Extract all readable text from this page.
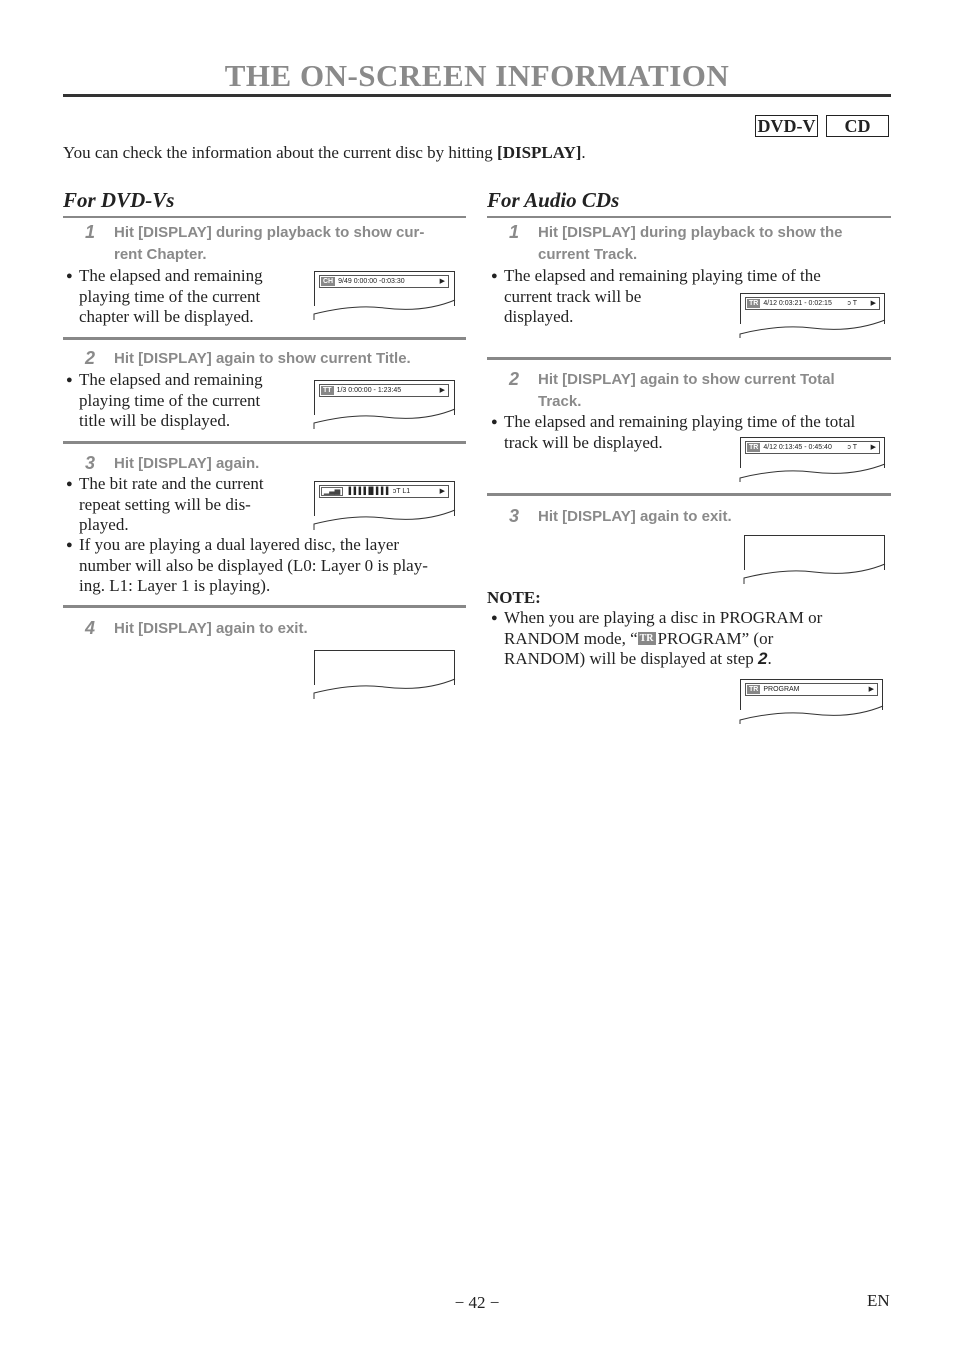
THE ON-SCREEN INFORMATION
DVD-V	CD
You can check the information about the current disc by hitting [DISPLAY].
For DVD-Vs
1 Hit [DISPLAY] during playback to show cur-
rent Chapter.
● The elapsed and remaining
playing time of the current
chapter will be displayed.
CH 9/49 0:00:00 -0:03:30	▶
2 Hit [DISPLAY] again to show current Title.
● The elapsed and remaining
playing time of the current
title will be displayed.
TT 1/3 0:00:00 - 1:23:45	▶
3 Hit [DISPLAY] again.
● The bit rate and the current
repeat setting will be dis-
played.
▁▃▅ ▐▐▐▐▐▌▌▌▌ ɔT L1	▶
● If you are playing a dual layered disc, the layer
number will also be displayed (L0: Layer 0 is play-
ing. L1: Layer 1 is playing).
4 Hit [DISPLAY] again to exit.
For Audio CDs
1 Hit [DISPLAY] during playback to show the
current Track.
● The elapsed and remaining playing time of the
current track will be
displayed.
TR 4/12 0:03:21 - 0:02:15 ɔ T ▶
2 Hit [DISPLAY] again to show current Total
Track.
● The elapsed and remaining playing time of the total
track will be displayed.	TR 4/12 0:13:45 - 0:45:40 ɔ T ▶
3 Hit [DISPLAY] again to exit.
NOTE:
● When you are playing a disc in PROGRAM or
RANDOM mode, “ TR PROGRAM” (or
RANDOM) will be displayed at step 2.
TR PROGRAM	▶
− 42 −	EN
